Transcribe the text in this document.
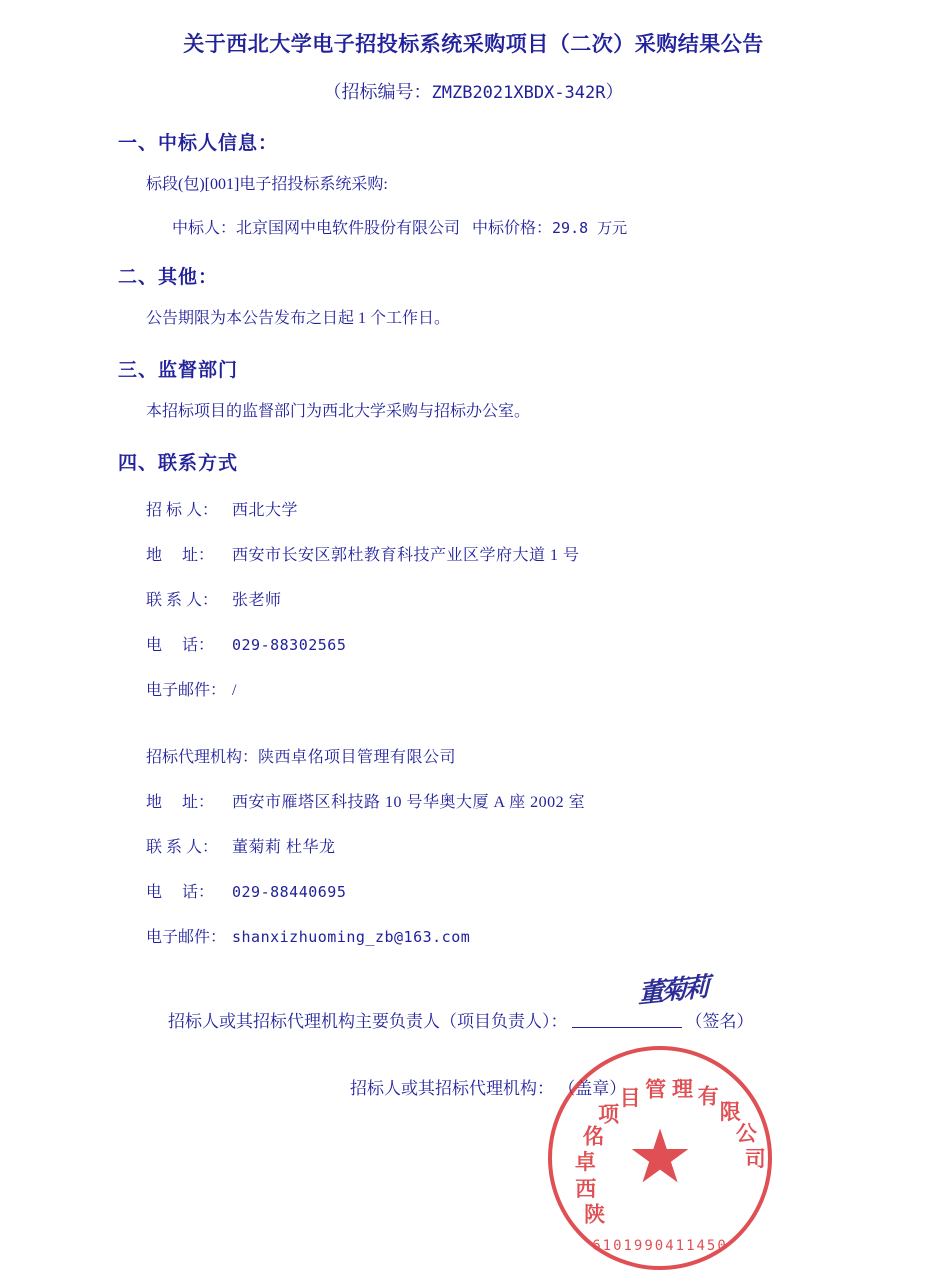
关于西北大学电子招投标系统采购项目（二次）采购结果公告
（招标编号：ZMZB2021XBDX-342R）
一、中标人信息：
标段(包)[001]电子招投标系统采购:
中标人：北京国网中电软件股份有限公司 中标价格：29.8 万元
二、其他：
公告期限为本公告发布之日起 1 个工作日。
三、监督部门
本招标项目的监督部门为西北大学采购与招标办公室。
四、联系方式
招 标 人： 西北大学
地     址：	西安市长安区郭杜教育科技产业区学府大道 1 号
联 系 人： 张老师
电     话：	029-88302565
电子邮件： /
招标代理机构： 陕西卓佲项目管理有限公司
地     址：	西安市雁塔区科技路 10 号华奥大厦 A 座 2002 室
联 系 人： 董菊莉 杜华龙
电     话：	029-88440695
电子邮件： shanxizhuoming_zb@163.com
招标人或其招标代理机构主要负责人（项目负责人）：	（签名）
董菊莉
招标人或其招标代理机构： （盖章）
陕
西
卓
佲
项
目 管 理 有
限
公
司
★
6101990411450
